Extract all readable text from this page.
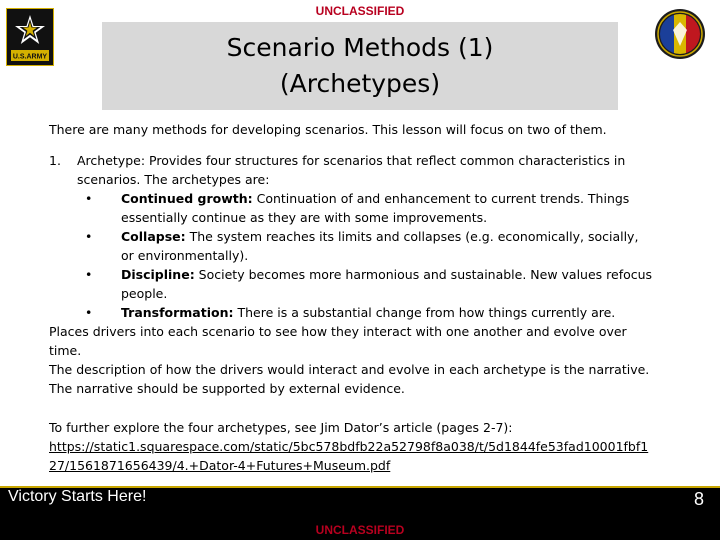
UNCLASSIFIED
U.S.ARMY	Scenario Methods (1)
(Archetypes)

There are many methods for developing scenarios. This lesson will focus on two of them.

1. Archetype: Provides four structures for scenarios that reflect common characteristics in scenarios. The archetypes are:
• Continued growth: Continuation of and enhancement to current trends. Things essentially continue as they are with some improvements.
• Collapse: The system reaches its limits and collapses (e.g. economically, socially, or environmentally).
• Discipline: Society becomes more harmonious and sustainable. New values refocus people.
• Transformation: There is a substantial change from how things currently are.

Places drivers into each scenario to see how they interact with one another and evolve over time.

The description of how the drivers would interact and evolve in each archetype is the narrative.

The narrative should be supported by external evidence.

To further explore the four archetypes, see Jim Dator’s article (pages 2-7):

https://static1.squarespace.com/static/5bc578bdfb22a52798f8a038/t/5d1844fe53fad10001fbf127/1561871656439/4.+Dator-4+Futures+Museum.pdf

Victory Starts Here!
UNCLASSIFIED
8
